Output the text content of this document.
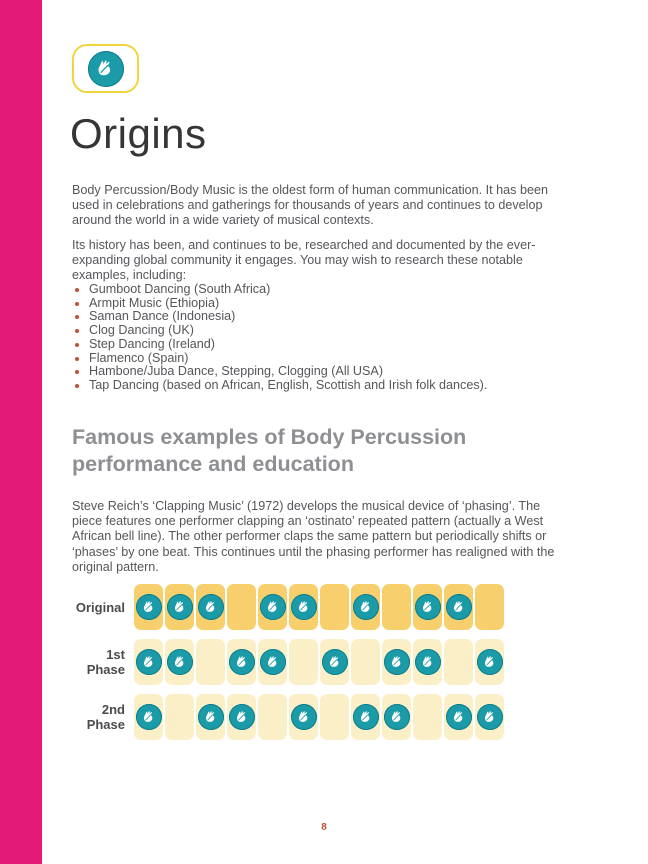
Origins

Body Percussion/Body Music is the oldest form of human communication. It has been used in celebrations and gatherings for thousands of years and continues to develop around the world in a wide variety of musical contexts.

Its history has been, and continues to be, researched and documented by the ever-expanding global community it engages. You may wish to research these notable examples, including:

Gumboot Dancing (South Africa)
Armpit Music (Ethiopia)
Saman Dance (Indonesia)
Clog Dancing (UK)
Step Dancing (Ireland)
Flamenco (Spain)
Hambone/Juba Dance, Stepping, Clogging (All USA)
Tap Dancing (based on African, English, Scottish and Irish folk dances).
Famous examples of Body Percussion performance and education

Steve Reich’s ‘Clapping Music’ (1972) develops the musical device of ‘phasing’. The piece features one performer clapping an ‘ostinato’ repeated pattern (actually a West African bell line). The other performer claps the same pattern but periodically shifts or ‘phases’ by one beat. This continues until the phasing performer has realigned with the original pattern.

Original
1st Phase
2nd Phase
8
